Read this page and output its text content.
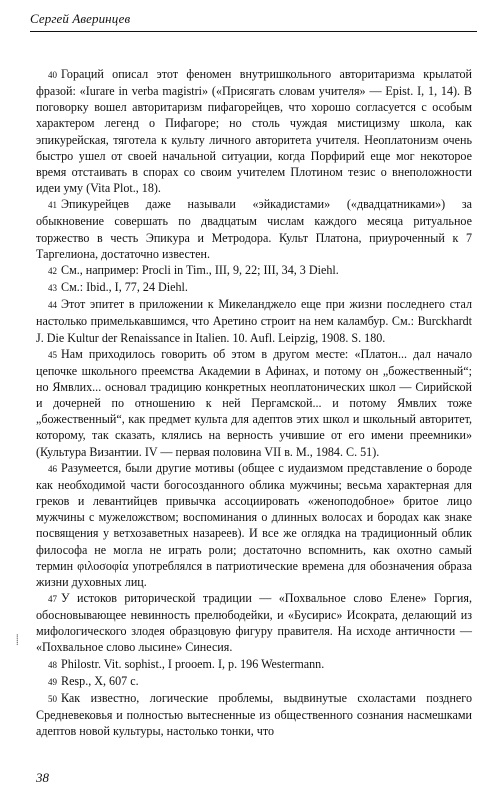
Сергей Аверинцев

40 Гораций описал этот феномен внутришкольного авторитаризма крылатой фразой: «Iurare in verba magistri» («Присягать словам учителя» — Epist. I, 1, 14). В поговорку вошел авторитаризм пифагорейцев, что хорошо согласуется с особым характером легенд о Пифагоре; но столь чуждая мистицизму школа, как эпикурейская, тяготела к культу личного авторитета учителя. Неоплатонизм очень быстро ушел от своей начальной ситуации, когда Порфирий еще мог некоторое время отстаивать в спорах со своим учителем Плотином тезис о внеположности идеи уму (Vita Plot., 18).

41 Эпикурейцев даже называли «эйкадистами» («двадцатниками») за обыкновение совершать по двадцатым числам каждого месяца ритуальное торжество в честь Эпикура и Метродора. Культ Платона, приуроченный к 7 Таргелиона, достаточно известен.

42 См., например: Procli in Tim., III, 9, 22; III, 34, 3 Diehl.

43 См.: Ibid., I, 77, 24 Diehl.

44 Этот эпитет в приложении к Микеланджело еще при жизни последнего стал настолько примелькавшимся, что Аретино строит на нем каламбур. См.: Burckhardt J. Die Kultur der Renaissance in Italien. 10. Aufl. Leipzig, 1908. S. 180.

45 Нам приходилось говорить об этом в другом месте: «Платон... дал начало цепочке школьного преемства Академии в Афинах, и потому он „божественный“; но Ямвлих... основал традицию конкретных неоплатонических школ — Сирийской и дочерней по отношению к ней Пергамской... и потому Ямвлих тоже „божественный“, как предмет культа для адептов этих школ и школьный авторитет, которому, так сказать, клялись на верность учившие от его имени преемники» (Культура Византии. IV — первая половина VII в. М., 1984. С. 51).

46 Разумеется, были другие мотивы (общее с иудаизмом представление о бороде как необходимой части богосозданного облика мужчины; весьма характерная для греков и левантийцев привычка ассоциировать «женоподобное» бритое лицо мужчины с мужеложством; воспоминания о длинных волосах и бородах как знаке посвящения у ветхозаветных назареев). И все же оглядка на традиционный облик философа не могла не играть роли; достаточно вспомнить, как охотно самый термин φιλοσοφία употреблялся в патриотические времена для обозначения образа жизни духовных лиц.

47 У истоков риторической традиции — «Похвальное слово Елене» Горгия, обосновывающее невинность прелюбодейки, и «Бусирис» Исократа, делающий из мифологического злодея образцовую фигуру правителя. На исходе античности — «Похвальное слово лысине» Синесия.

48 Philostr. Vit. sophist., I prooem. I, p. 196 Westermann.

49 Resp., X, 607 c.

50 Как известно, логические проблемы, выдвинутые схоластами позднего Средневековья и полностью вытесненные из общественного сознания насмешками адептов новой культуры, настолько тонки, что

⸽
38
